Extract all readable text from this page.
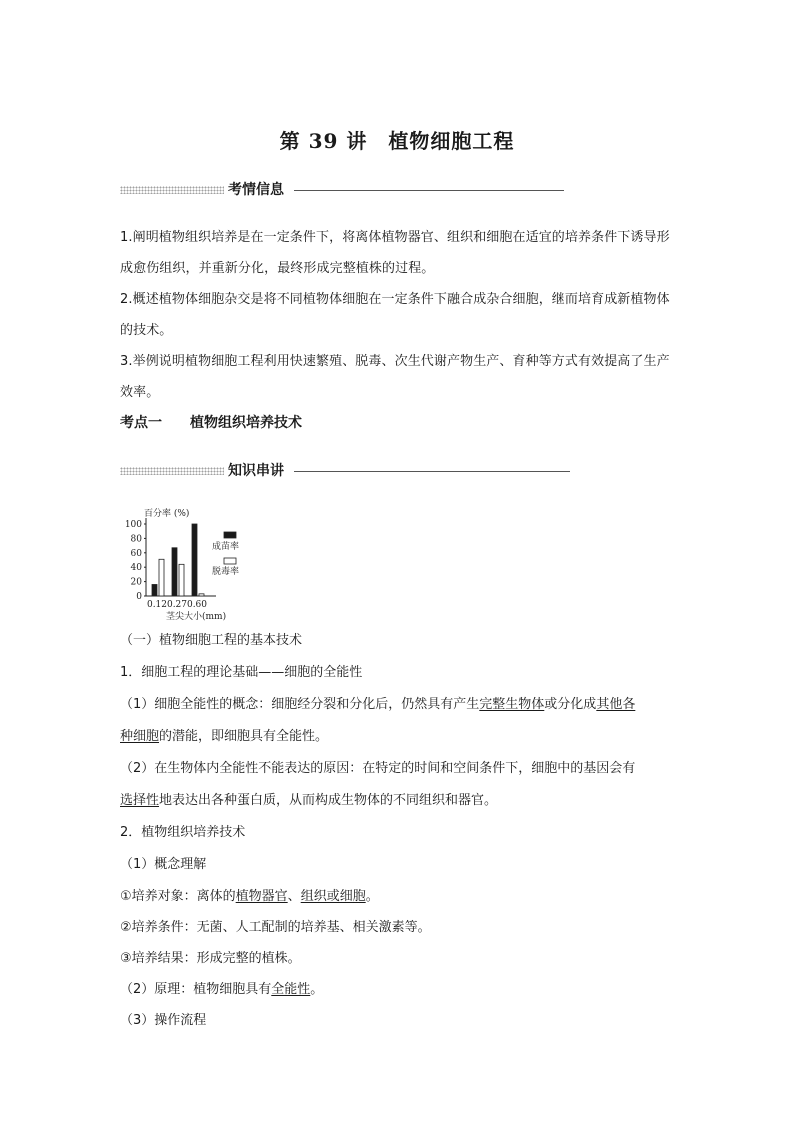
第 39 讲　植物细胞工程
考情信息

1.阐明植物组织培养是在一定条件下，将离体植物器官、组织和细胞在适宜的培养条件下诱导形成愈伤组织，并重新分化，最终形成完整植株的过程。

2.概述植物体细胞杂交是将不同植物体细胞在一定条件下融合成杂合细胞，继而培育成新植物体的技术。

3.举例说明植物细胞工程利用快速繁殖、脱毒、次生代谢产物生产、育种等方式有效提高了生产效率。

考点一 植物组织培养技术

知识串讲
0
20
40
60
80
100
百分率 (%)
0.12 0.27 0.60
茎尖大小(mm)
成苗率
脱毒率

（一）植物细胞工程的基本技术

1．细胞工程的理论基础——细胞的全能性

（1）细胞全能性的概念：细胞经分裂和分化后，仍然具有产生完整生物体或分化成其他各

种细胞的潜能，即细胞具有全能性。

（2）在生物体内全能性不能表达的原因：在特定的时间和空间条件下，细胞中的基因会有

选择性地表达出各种蛋白质，从而构成生物体的不同组织和器官。

2．植物组织培养技术

（1）概念理解

①培养对象：离体的植物器官、组织或细胞。

②培养条件：无菌、人工配制的培养基、相关激素等。

③培养结果：形成完整的植株。

（2）原理：植物细胞具有全能性。

（3）操作流程
